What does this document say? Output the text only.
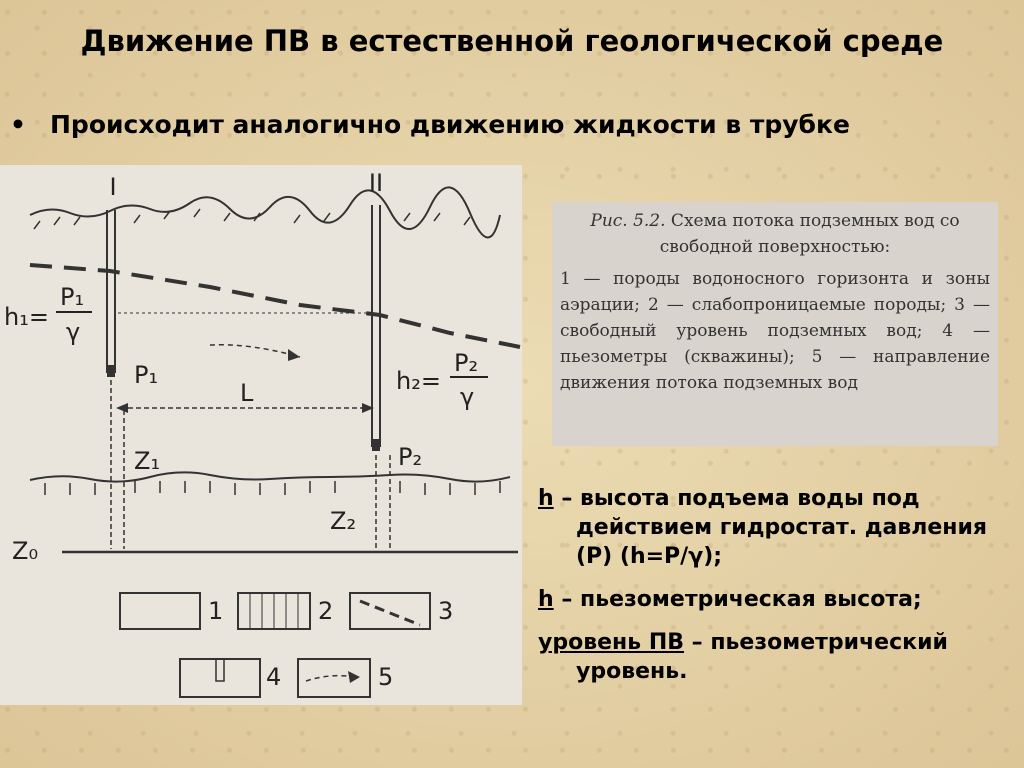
Движение ПВ в естественной геологической среде
• Происходит аналогично движению жидкости в трубке
I	II
h₁=
P₁
γ
h₂=
P₂
γ
P₁
P₂
L
Z₁
Z₂
Z₀
1	2	3
4	5
Рис. 5.2. Схема потока подземных вод со свободной поверхностью:
1 — породы водоносного горизонта и зоны аэрации; 2 — слабопроницаемые породы; 3 — свободный уровень подземных вод; 4 — пьезометры (скважины); 5 — направление движения потока подземных вод
h – высота подъема воды под действием гидростат. давления (P) (h=P/γ);
h – пьезометрическая высота;
уровень ПВ – пьезометрический уровень.
